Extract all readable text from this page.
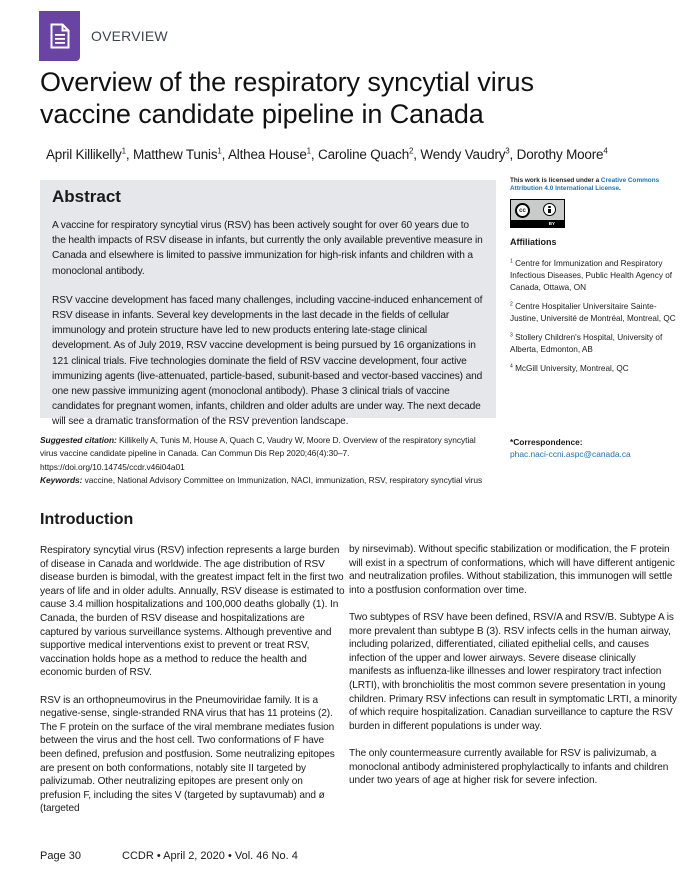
OVERVIEW
Overview of the respiratory syncytial virus
vaccine candidate pipeline in Canada
April Killikelly$^1$, Matthew Tunis$^1$, Althea House$^1$, Caroline Quach$^2$, Wendy Vaudry$^3$, Dorothy Moore$^4$
Abstract

A vaccine for respiratory syncytial virus (RSV) has been actively sought for over 60 years due to the health impacts of RSV disease in infants, but currently the only available preventive measure in Canada and elsewhere is limited to passive immunization for high-risk infants and children with a monoclonal antibody.

RSV vaccine development has faced many challenges, including vaccine-induced enhancement of RSV disease in infants. Several key developments in the last decade in the fields of cellular immunology and protein structure have led to new products entering late-stage clinical development. As of July 2019, RSV vaccine development is being pursued by 16 organizations in 121 clinical trials. Five technologies dominate the field of RSV vaccine development, four active immunizing agents (live-attenuated, particle-based, subunit-based and vector-based vaccines) and one new passive immunizing agent (monoclonal antibody). Phase 3 clinical trials of vaccine candidates for pregnant women, infants, children and older adults are under way. The next decade will see a dramatic transformation of the RSV prevention landscape.

This work is licensed under a Creative Commons Attribution 4.0 International License.
cc
BY
Affiliations
$^1$ Centre for Immunization and Respiratory Infectious Diseases, Public Health Agency of Canada, Ottawa, ON
$^2$ Centre Hospitalier Universitaire Sainte-Justine, Université de Montréal, Montreal, QC
$^3$ Stollery Children's Hospital, University of Alberta, Edmonton, AB
$^4$ McGill University, Montreal, QC
Suggested citation: Killikelly A, Tunis M, House A, Quach C, Vaudry W, Moore D. Overview of the respiratory syncytial virus vaccine candidate pipeline in Canada. Can Commun Dis Rep 2020;46(4):30–7.
https://doi.org/10.14745/ccdr.v46i04a01
Keywords: vaccine, National Advisory Committee on Immunization, NACI, immunization, RSV, respiratory syncytial virus
*Correspondence:
phac.naci-ccni.aspc@canada.ca
Introduction

Respiratory syncytial virus (RSV) infection represents a large burden of disease in Canada and worldwide. The age distribution of RSV disease burden is bimodal, with the greatest impact felt in the first two years of life and in older adults. Annually, RSV disease is estimated to cause 3.4 million hospitalizations and 100,000 deaths globally (1). In Canada, the burden of RSV disease and hospitalizations are captured by various surveillance systems. Although preventive and supportive medical interventions exist to prevent or treat RSV, vaccination holds hope as a method to reduce the health and economic burden of RSV.

RSV is an orthopneumovirus in the Pneumoviridae family. It is a negative-sense, single-stranded RNA virus that has 11 proteins (2). The F protein on the surface of the viral membrane mediates fusion between the virus and the host cell. Two conformations of F have been defined, prefusion and postfusion. Some neutralizing epitopes are present on both conformations, notably site II targeted by palivizumab. Other neutralizing epitopes are present only on prefusion F, including the sites V (targeted by suptavumab) and ø (targeted

by nirsevimab). Without specific stabilization or modification, the F protein will exist in a spectrum of conformations, which will have different antigenic and neutralization profiles. Without stabilization, this immunogen will settle into a postfusion conformation over time.

Two subtypes of RSV have been defined, RSV/A and RSV/B. Subtype A is more prevalent than subtype B (3). RSV infects cells in the human airway, including polarized, differentiated, ciliated epithelial cells, and causes infection of the upper and lower airways. Severe disease clinically manifests as influenza-like illnesses and lower respiratory tract infection (LRTI), with bronchiolitis the most common severe presentation in young children. Primary RSV infections can result in symptomatic LRTI, a minority of which require hospitalization. Canadian surveillance to capture the RSV burden in different populations is under way.

The only countermeasure currently available for RSV is palivizumab, a monoclonal antibody administered prophylactically to infants and children under two years of age at higher risk for severe infection.

Page 30	CCDR • April 2, 2020 • Vol. 46 No. 4
